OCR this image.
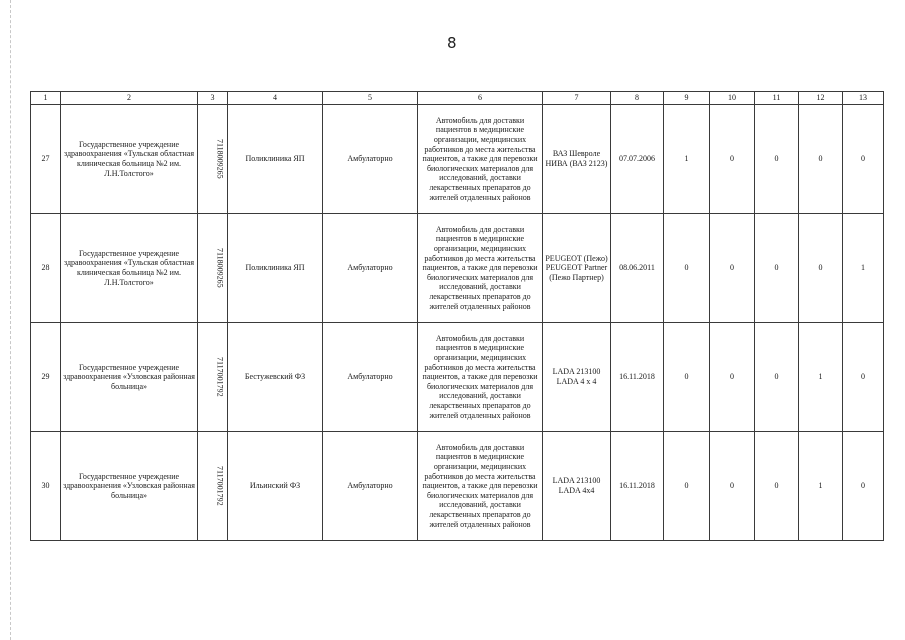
8
1	2	3	4	5	6	7	8	9	10	11	12	13
27	Государственное учреждение здравоохранения «Тульская областная клиническая больница №2 им. Л.Н.Толстого»	7118009265	Поликлиника ЯП	Амбулаторно	Автомобиль для доставки пациентов в медицинские организации, медицинских работников до места жительства пациентов, а также для перевозки биологических материалов для исследований, доставки лекарственных препаратов до жителей отдаленных районов	ВАЗ Шевроле НИВА (ВАЗ 2123)	07.07.2006	1	0	0	0	0
28	Государственное учреждение здравоохранения «Тульская областная клиническая больница №2 им. Л.Н.Толстого»	7118009265	Поликлиника ЯП	Амбулаторно	Автомобиль для доставки пациентов в медицинские организации, медицинских работников до места жительства пациентов, а также для перевозки биологических материалов для исследований, доставки лекарственных препаратов до жителей отдаленных районов	PEUGEOT (Пежо) PEUGEOT Partner (Пежо Партнер)	08.06.2011	0	0	0	0	1
29	Государственное учреждение здравоохранения «Узловская районная больница»	7117001792	Бестужевский ФЗ	Амбулаторно	Автомобиль для доставки пациентов в медицинские организации, медицинских работников до места жительства пациентов, а также для перевозки биологических материалов для исследований, доставки лекарственных препаратов до жителей отдаленных районов	LADA 213100 LADA 4 x 4	16.11.2018	0	0	0	1	0
30	Государственное учреждение здравоохранения «Узловская районная больница»	7117001792	Ильинский ФЗ	Амбулаторно	Автомобиль для доставки пациентов в медицинские организации, медицинских работников до места жительства пациентов, а также для перевозки биологических материалов для исследований, доставки лекарственных препаратов до жителей отдаленных районов	LADA 213100 LADA 4x4	16.11.2018	0	0	0	1	0
